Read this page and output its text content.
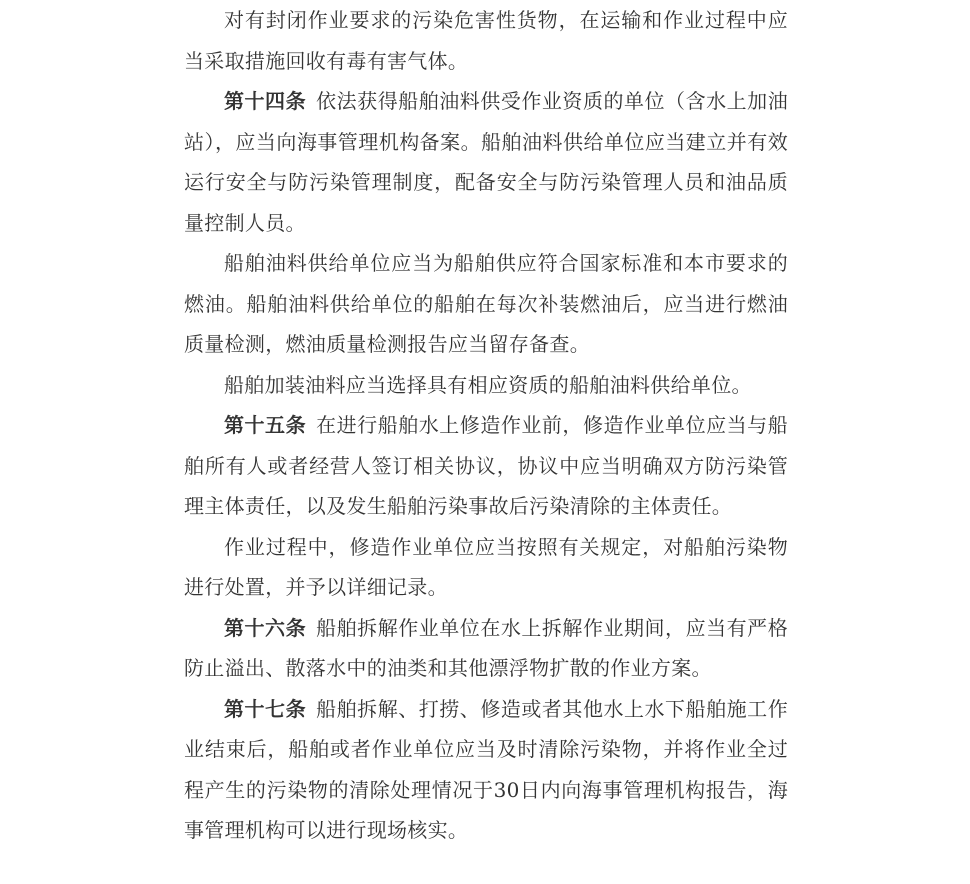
对有封闭作业要求的污染危害性货物，在运输和作业过程中应当采取措施回收有毒有害气体。

第十四条 依法获得船舶油料供受作业资质的单位（含水上加油站），应当向海事管理机构备案。船舶油料供给单位应当建立并有效运行安全与防污染管理制度，配备安全与防污染管理人员和油品质量控制人员。

船舶油料供给单位应当为船舶供应符合国家标准和本市要求的燃油。船舶油料供给单位的船舶在每次补装燃油后，应当进行燃油质量检测，燃油质量检测报告应当留存备查。

船舶加装油料应当选择具有相应资质的船舶油料供给单位。

第十五条 在进行船舶水上修造作业前，修造作业单位应当与船舶所有人或者经营人签订相关协议，协议中应当明确双方防污染管理主体责任，以及发生船舶污染事故后污染清除的主体责任。

作业过程中，修造作业单位应当按照有关规定，对船舶污染物进行处置，并予以详细记录。

第十六条 船舶拆解作业单位在水上拆解作业期间，应当有严格防止溢出、散落水中的油类和其他漂浮物扩散的作业方案。

第十七条 船舶拆解、打捞、修造或者其他水上水下船舶施工作业结束后，船舶或者作业单位应当及时清除污染物，并将作业全过程产生的污染物的清除处理情况于30日内向海事管理机构报告，海事管理机构可以进行现场核实。
